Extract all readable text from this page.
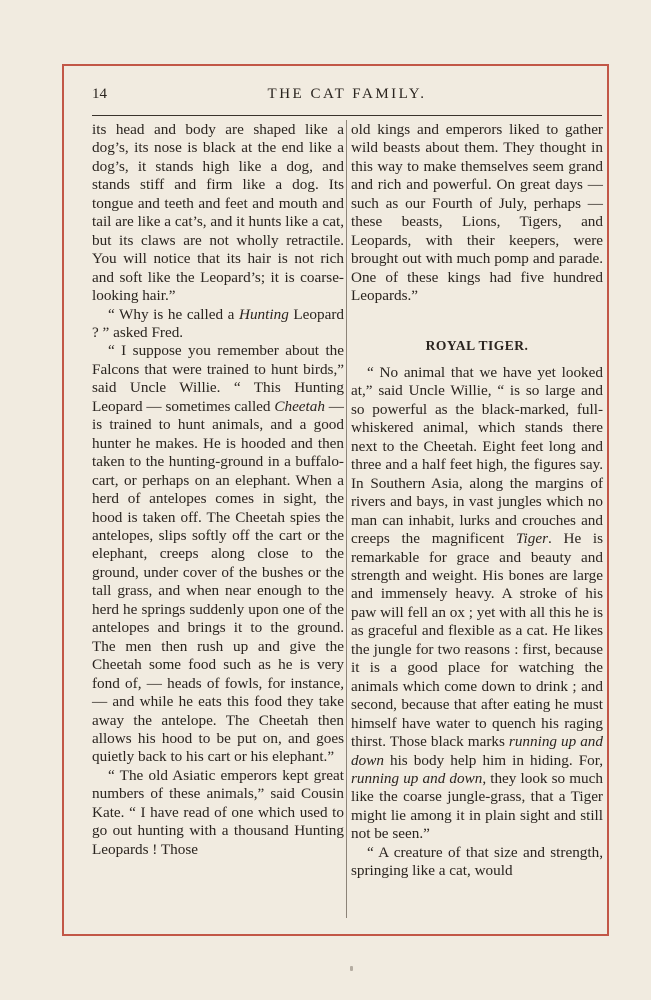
14	THE CAT FAMILY.

its head and body are shaped like a dog’s, its nose is black at the end like a dog’s, it stands high like a dog, and stands stiff and firm like a dog. Its tongue and teeth and feet and mouth and tail are like a cat’s, and it hunts like a cat, but its claws are not wholly retractile. You will notice that its hair is not rich and soft like the Leopard’s; it is coarse-looking hair.”

“ Why is he called a Hunting Leopard ? ” asked Fred.

“ I suppose you remember about the Falcons that were trained to hunt birds,” said Uncle Willie. “ This Hunting Leopard — sometimes called Cheetah — is trained to hunt animals, and a good hunter he makes. He is hooded and then taken to the hunting-ground in a buffalo-cart, or perhaps on an elephant. When a herd of antelopes comes in sight, the hood is taken off. The Cheetah spies the antelopes, slips softly off the cart or the elephant, creeps along close to the ground, under cover of the bushes or the tall grass, and when near enough to the herd he springs suddenly upon one of the antelopes and brings it to the ground. The men then rush up and give the Cheetah some food such as he is very fond of, — heads of fowls, for instance, — and while he eats this food they take away the antelope. The Cheetah then allows his hood to be put on, and goes quietly back to his cart or his elephant.”

“ The old Asiatic emperors kept great numbers of these animals,” said Cousin Kate. “ I have read of one which used to go out hunting with a thousand Hunting Leopards ! Those

old kings and emperors liked to gather wild beasts about them. They thought in this way to make themselves seem grand and rich and powerful. On great days — such as our Fourth of July, perhaps — these beasts, Lions, Tigers, and Leopards, with their keepers, were brought out with much pomp and parade. One of these kings had five hundred Leopards.”

ROYAL TIGER.

“ No animal that we have yet looked at,” said Uncle Willie, “ is so large and so powerful as the black-marked, full-whiskered animal, which stands there next to the Cheetah. Eight feet long and three and a half feet high, the figures say. In Southern Asia, along the margins of rivers and bays, in vast jungles which no man can inhabit, lurks and crouches and creeps the magnificent Tiger. He is remarkable for grace and beauty and strength and weight. His bones are large and immensely heavy. A stroke of his paw will fell an ox ; yet with all this he is as graceful and flexible as a cat. He likes the jungle for two reasons : first, because it is a good place for watching the animals which come down to drink ; and second, because that after eating he must himself have water to quench his raging thirst. Those black marks running up and down his body help him in hiding. For, running up and down, they look so much like the coarse jungle-grass, that a Tiger might lie among it in plain sight and still not be seen.”

“ A creature of that size and strength, springing like a cat, would
